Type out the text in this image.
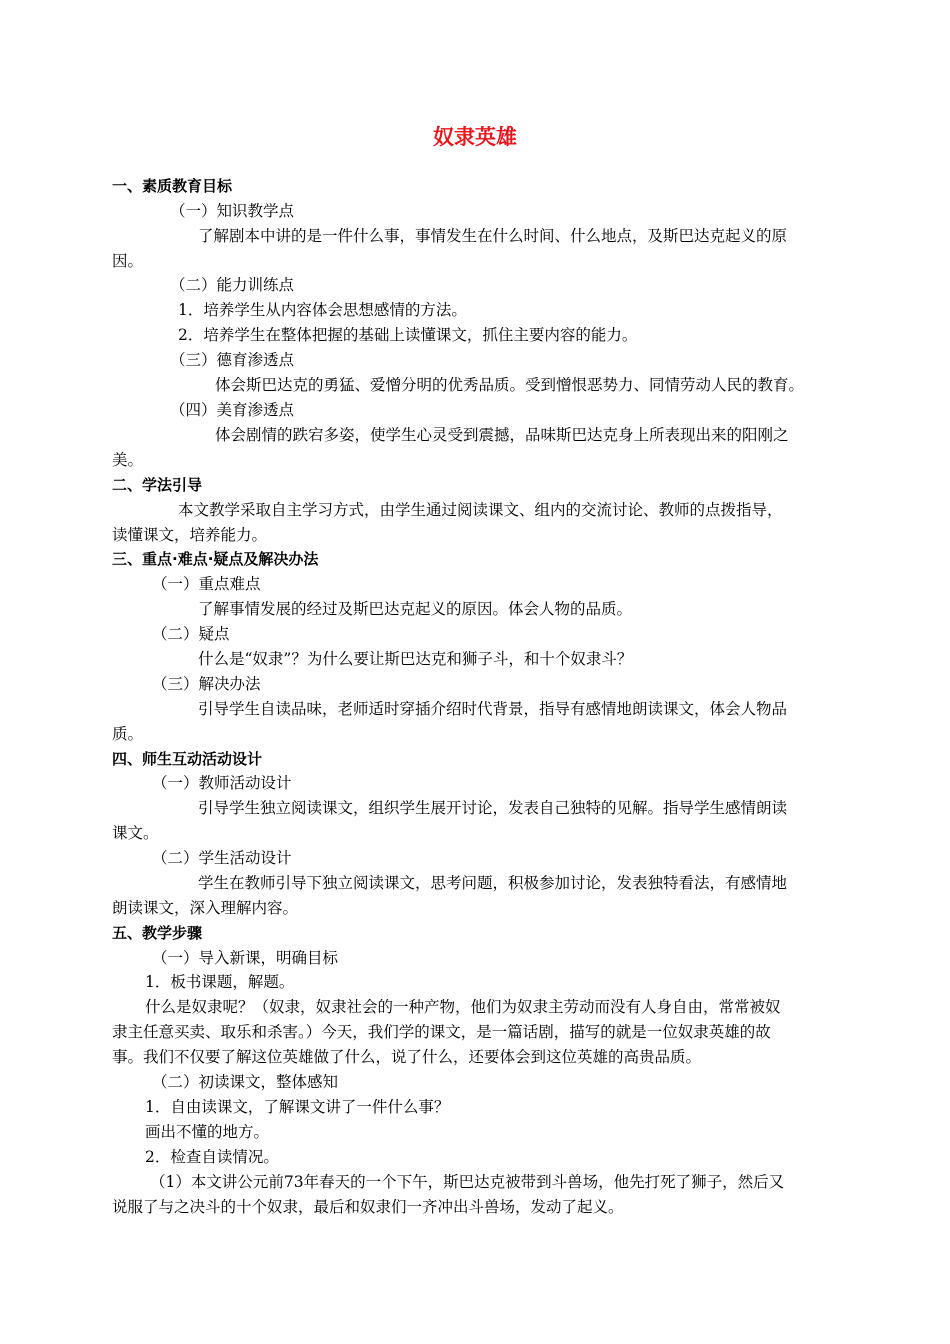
奴隶英雄
一、素质教育目标
（一）知识教学点
了解剧本中讲的是一件什么事，事情发生在什么时间、什么地点，及斯巴达克起义的原
因。
（二）能力训练点
1．培养学生从内容体会思想感情的方法。
2．培养学生在整体把握的基础上读懂课文，抓住主要内容的能力。
（三）德育渗透点
体会斯巴达克的勇猛、爱憎分明的优秀品质。受到憎恨恶势力、同情劳动人民的教育。
（四）美育渗透点
体会剧情的跌宕多姿，使学生心灵受到震撼，品味斯巴达克身上所表现出来的阳刚之
美。
二、学法引导
本文教学采取自主学习方式，由学生通过阅读课文、组内的交流讨论、教师的点拨指导，
读懂课文，培养能力。
三、重点·难点·疑点及解决办法
（一）重点难点
了解事情发展的经过及斯巴达克起义的原因。体会人物的品质。
（二）疑点
什么是“奴隶”？为什么要让斯巴达克和狮子斗，和十个奴隶斗？
（三）解决办法
引导学生自读品味，老师适时穿插介绍时代背景，指导有感情地朗读课文，体会人物品
质。
四、师生互动活动设计
（一）教师活动设计
引导学生独立阅读课文，组织学生展开讨论，发表自己独特的见解。指导学生感情朗读
课文。
（二）学生活动设计
学生在教师引导下独立阅读课文，思考问题，积极参加讨论，发表独特看法，有感情地
朗读课文，深入理解内容。
五、教学步骤
（一）导入新课，明确目标
1．板书课题，解题。
什么是奴隶呢？（奴隶，奴隶社会的一种产物，他们为奴隶主劳动而没有人身自由，常常被奴
隶主任意买卖、取乐和杀害。）今天，我们学的课文，是一篇话剧，描写的就是一位奴隶英雄的故
事。我们不仅要了解这位英雄做了什么，说了什么，还要体会到这位英雄的高贵品质。
（二）初读课文，整体感知
1．自由读课文，了解课文讲了一件什么事？
画出不懂的地方。
2．检查自读情况。
（1）本文讲公元前73年春天的一个下午，斯巴达克被带到斗兽场，他先打死了狮子，然后又
说服了与之决斗的十个奴隶，最后和奴隶们一齐冲出斗兽场，发动了起义。
